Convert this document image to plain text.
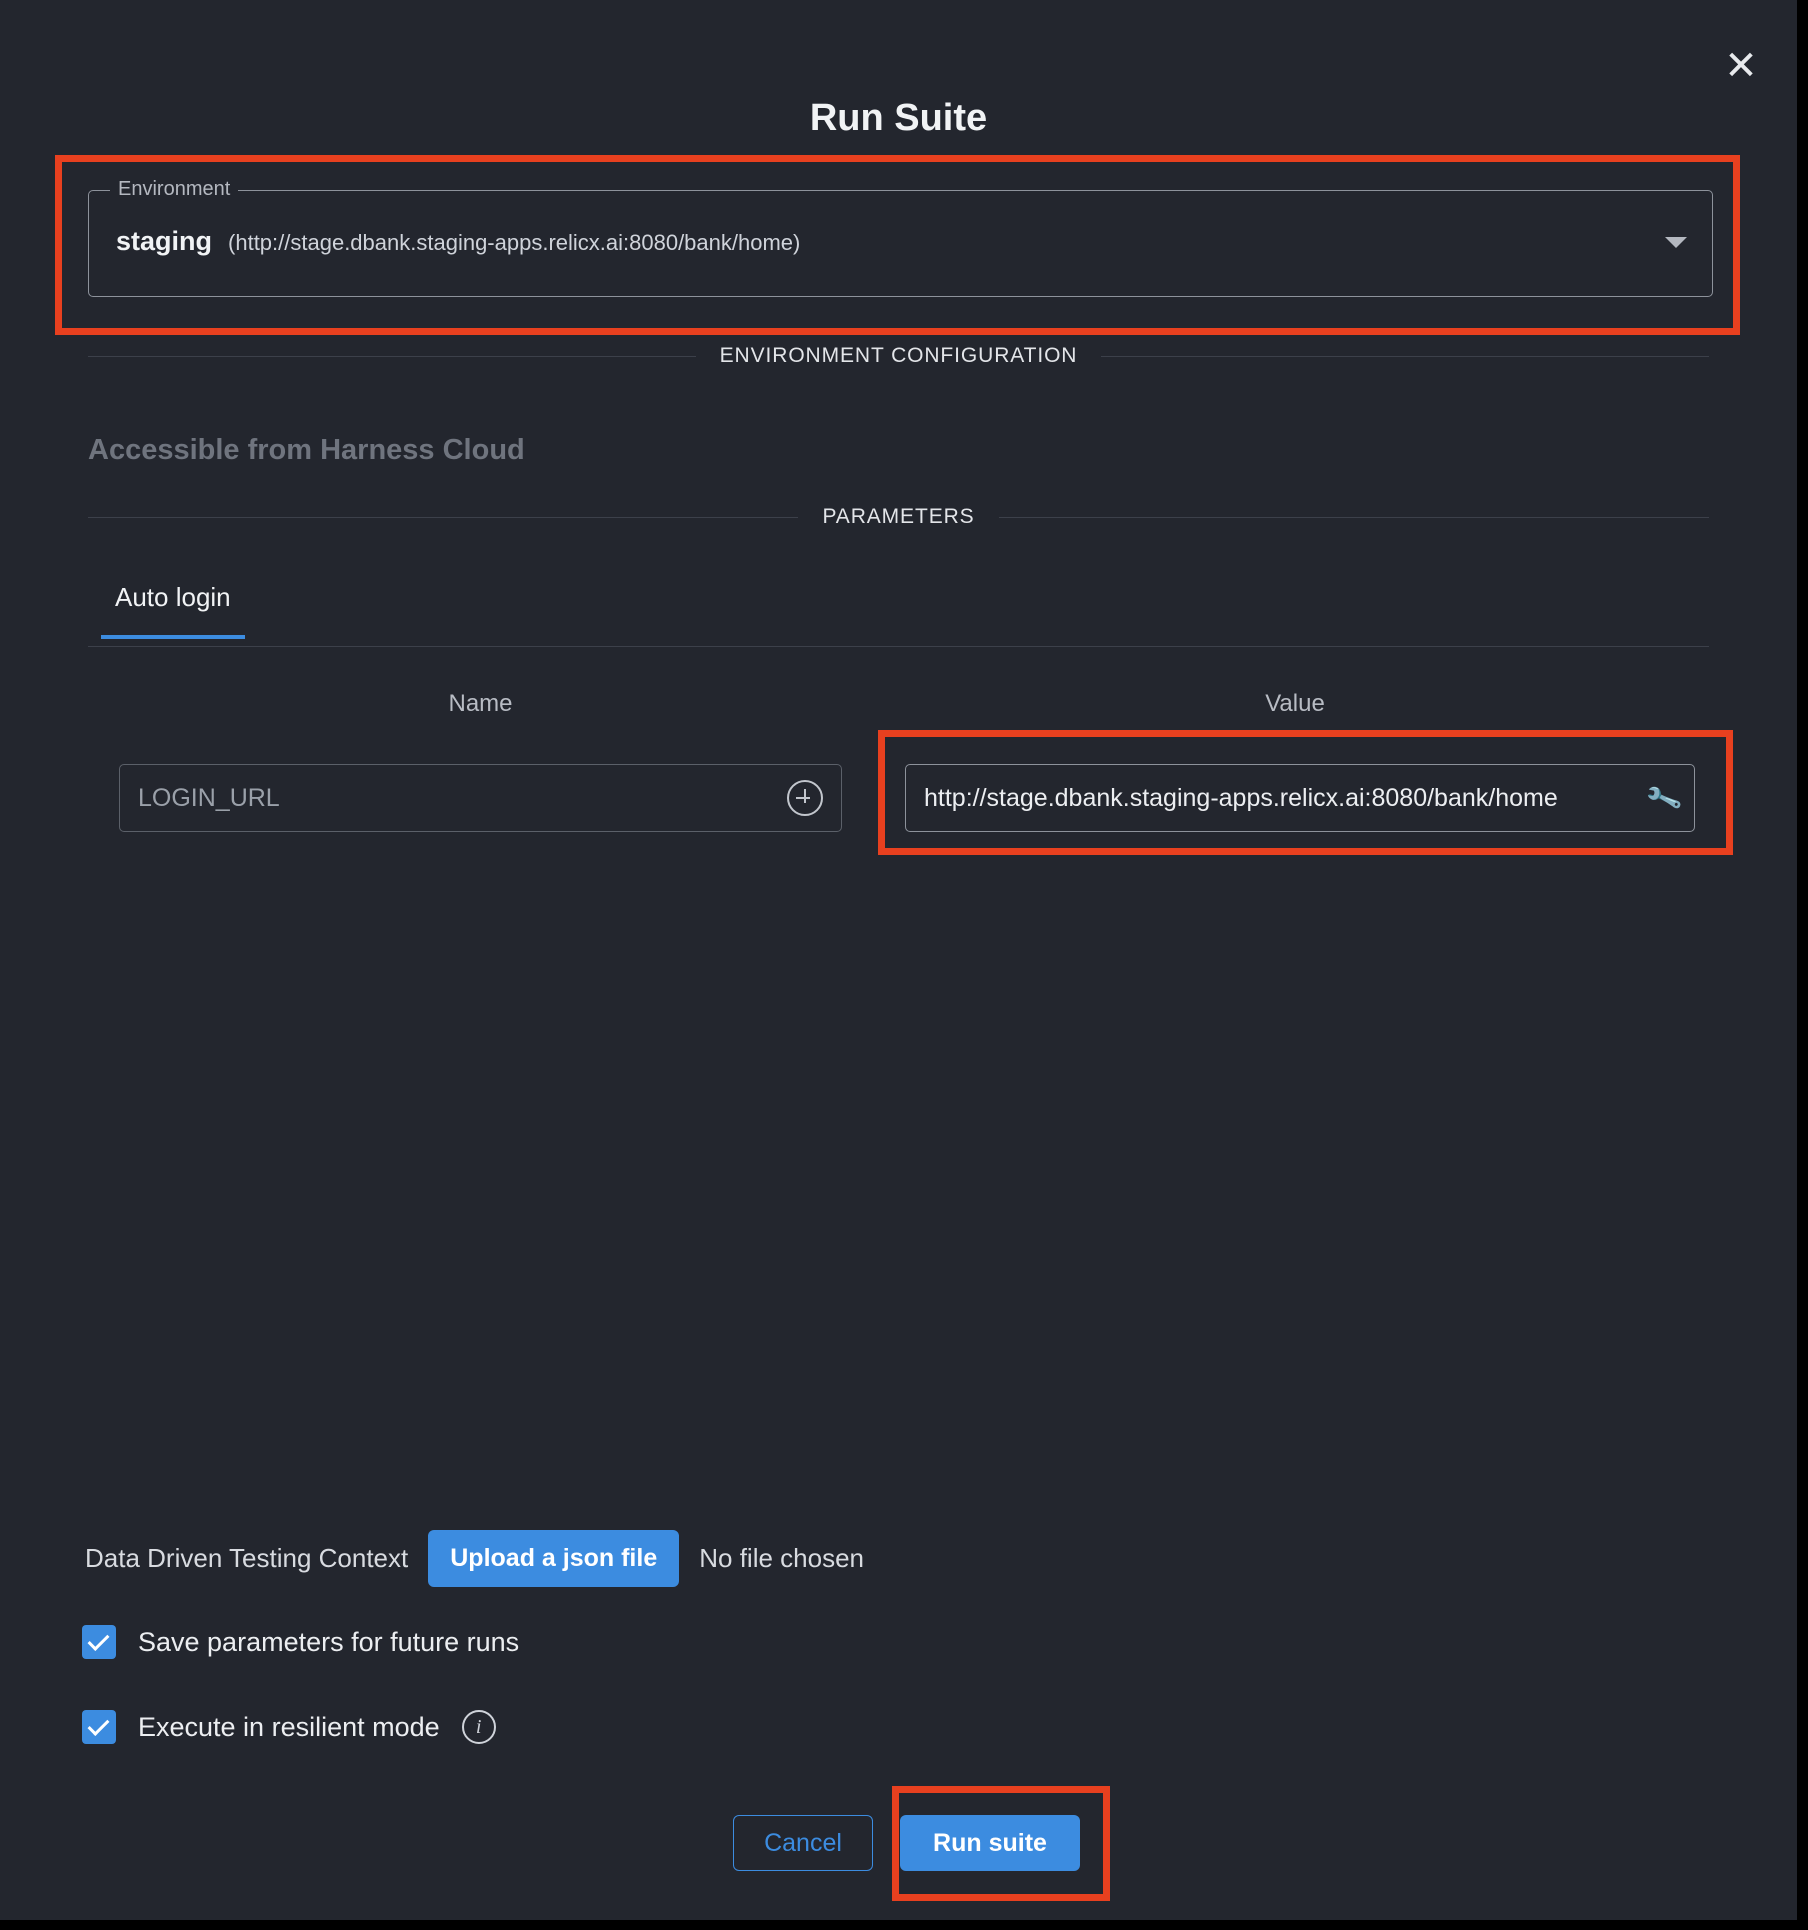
✕
Run Suite
Environment
staging (http://stage.dbank.staging-apps.relicx.ai:8080/bank/home)
ENVIRONMENT CONFIGURATION
Accessible from Harness Cloud
PARAMETERS
Auto login
Name	Value
LOGIN_URL	http://stage.dbank.staging-apps.relicx.ai:8080/bank/home	🔧
Data Driven Testing Context	Upload a json file	No file chosen
Save parameters for future runs
Execute in resilient mode	i
Cancel	Run suite
